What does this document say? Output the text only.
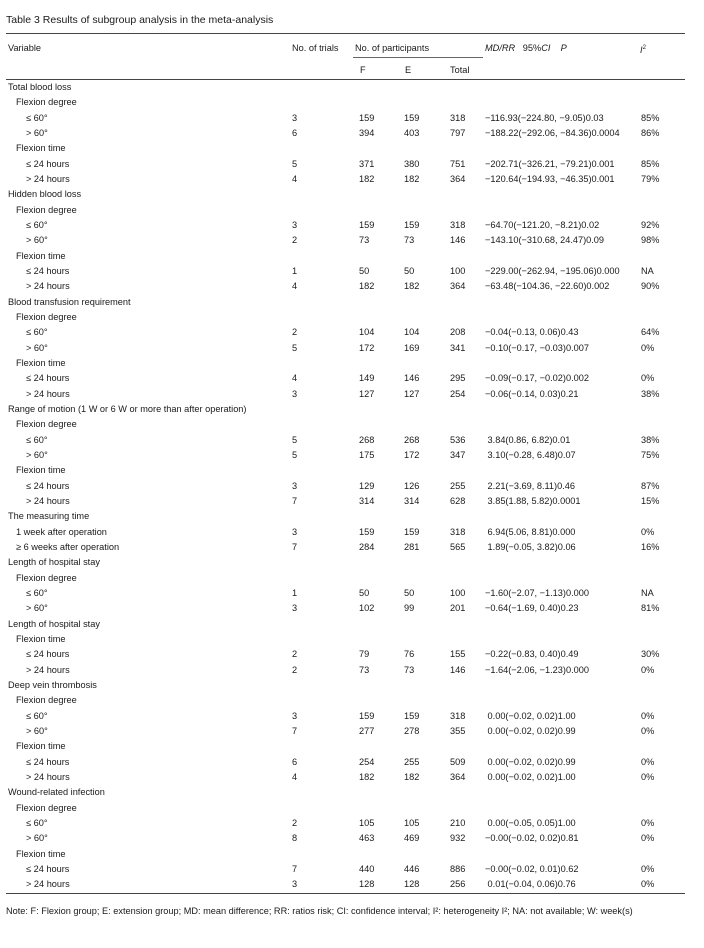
Table 3 Results of subgroup analysis in the meta-analysis
Variable	No. of trials No. of participants	MD/RR 95%CI P	$I^2$
F	E	Total
Total blood loss
Flexion degree
≤ 60°	3	159	159	318 −116.93(−224.80, −9.05)0.03	85%
> 60°	6	394	403	797 −188.22(−292.06, −84.36)0.0004 86%
Flexion time
≤ 24 hours	5	371	380	751 −202.71(−326.21, −79.21)0.001	85%
> 24 hours	4	182	182	364 −120.64(−194.93, −46.35)0.001	79%
Hidden blood loss
Flexion degree
≤ 60°	3	159	159	318 −64.70(−121.20, −8.21)0.02	92%
> 60°	2	73	73	146 −143.10(−310.68, 24.47)0.09	98%
Flexion time
≤ 24 hours	1	50	50	100 −229.00(−262.94, −195.06)0.000 NA
> 24 hours	4	182	182	364 −63.48(−104.36, −22.60)0.002	90%
Blood transfusion requirement
Flexion degree
≤ 60°	2	104	104	208 −0.04(−0.13, 0.06)0.43	64%
> 60°	5	172	169	341 −0.10(−0.17, −0.03)0.007	0%
Flexion time
≤ 24 hours	4	149	146	295 −0.09(−0.17, −0.02)0.002	0%
> 24 hours	3	127	127	254 −0.06(−0.14, 0.03)0.21	38%
Range of motion (1 W or 6 W or more than after operation)
Flexion degree
≤ 60°	5	268	268	536 3.84(0.86, 6.82)0.01	38%
> 60°	5	175	172	347 3.10(−0.28, 6.48)0.07	75%
Flexion time
≤ 24 hours	3	129	126	255 2.21(−3.69, 8.11)0.46	87%
> 24 hours	7	314	314	628 3.85(1.88, 5.82)0.0001	15%
The measuring time
1 week after operation	3	159	159	318 6.94(5.06, 8.81)0.000	0%
≥ 6 weeks after operation	7	284	281	565 1.89(−0.05, 3.82)0.06	16%
Length of hospital stay
Flexion degree
≤ 60°	1	50	50	100 −1.60(−2.07, −1.13)0.000	NA
> 60°	3	102	99	201 −0.64(−1.69, 0.40)0.23	81%
Length of hospital stay
Flexion time
≤ 24 hours	2	79	76	155 −0.22(−0.83, 0.40)0.49	30%
> 24 hours	2	73	73	146 −1.64(−2.06, −1.23)0.000	0%
Deep vein thrombosis
Flexion degree
≤ 60°	3	159	159	318 0.00(−0.02, 0.02)1.00	0%
> 60°	7	277	278	355 0.00(−0.02, 0.02)0.99	0%
Flexion time
≤ 24 hours	6	254	255	509 0.00(−0.02, 0.02)0.99	0%
> 24 hours	4	182	182	364 0.00(−0.02, 0.02)1.00	0%
Wound-related infection
Flexion degree
≤ 60°	2	105	105	210 0.00(−0.05, 0.05)1.00	0%
> 60°	8	463	469	932 −0.00(−0.02, 0.02)0.81	0%
Flexion time
≤ 24 hours	7	440	446	886 −0.00(−0.02, 0.01)0.62	0%
> 24 hours	3	128	128	256 0.01(−0.04, 0.06)0.76	0%
Note: F: Flexion group; E: extension group; MD: mean difference; RR: ratios risk; CI: confidence interval; I²: heterogeneity I²; NA: not available; W: week(s)
